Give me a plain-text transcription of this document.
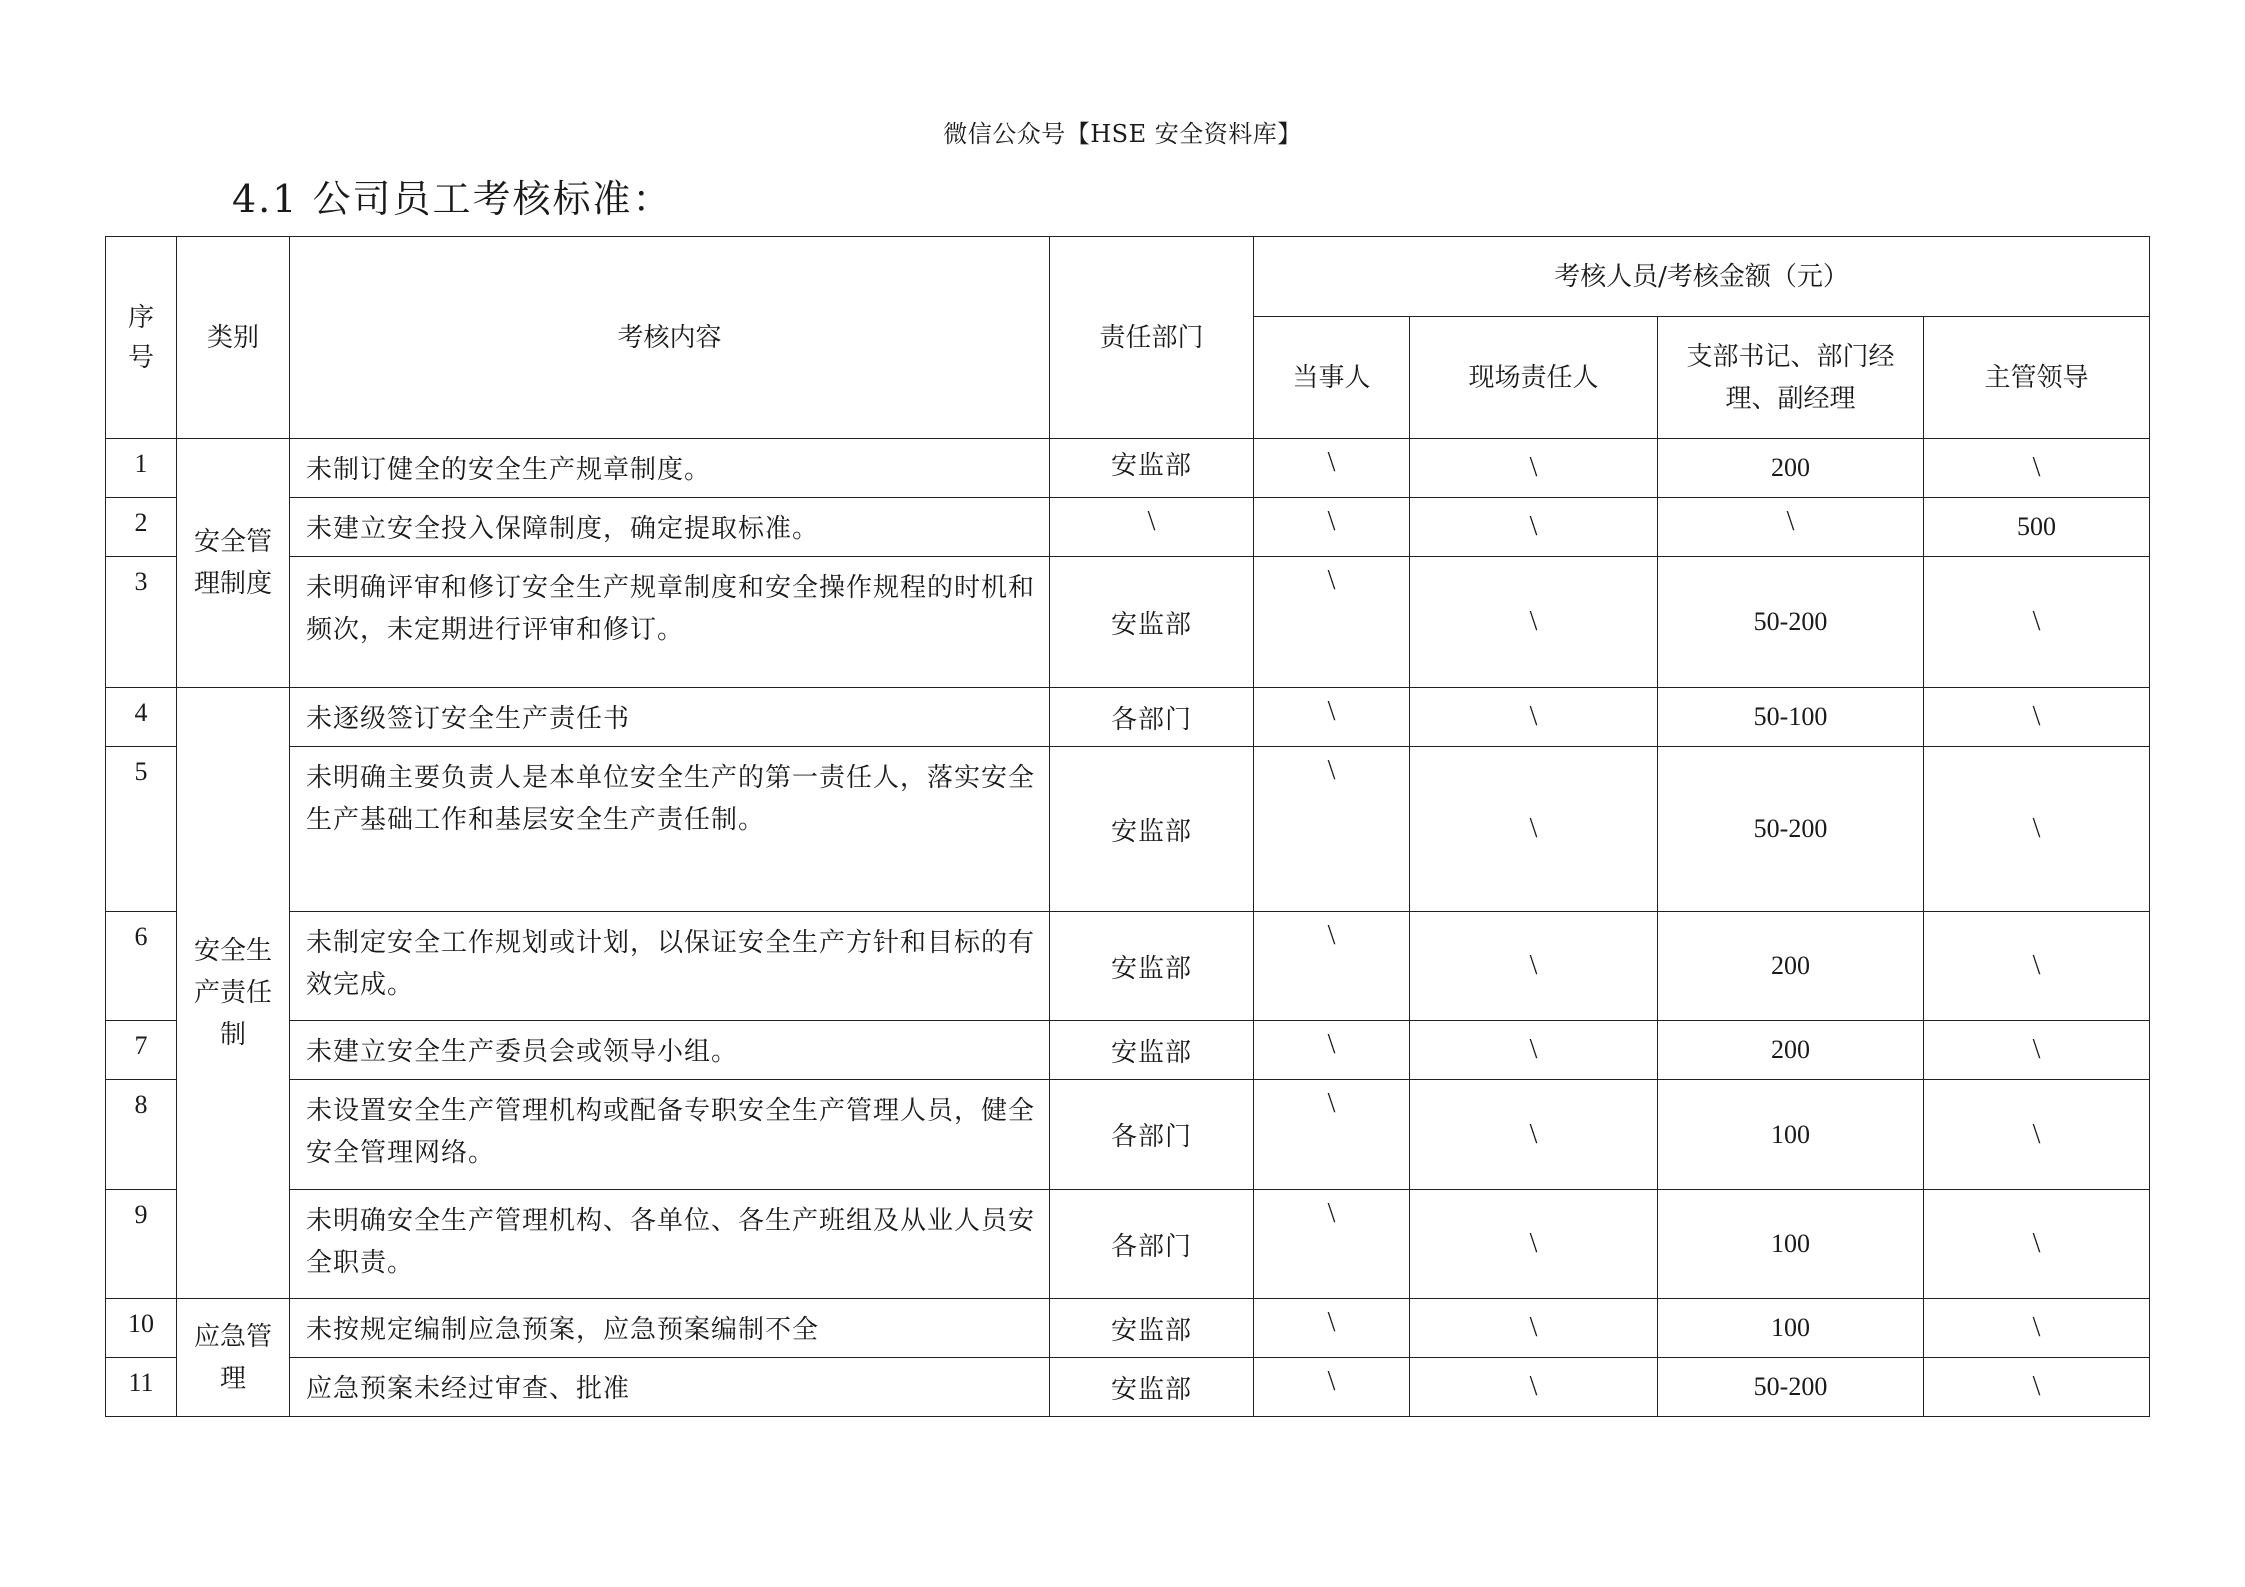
微信公众号【HSE 安全资料库】
4.1 公司员工考核标准：
序号	类别	考核内容	责任部门	考核人员/考核金额（元）			
				当事人	现场责任人	支部书记、部门经理、副经理	主管领导
1	安全管理制度	未制订健全的安全生产规章制度。	安监部	\	\	200	\
2		未建立安全投入保障制度，确定提取标准。	\	\	\	\	500
3		未明确评审和修订安全生产规章制度和安全操作规程的时机和频次，未定期进行评审和修订。	安监部	\	\	50-200	\
4	安全生产责任制	未逐级签订安全生产责任书	各部门	\	\	50-100	\
5		未明确主要负责人是本单位安全生产的第一责任人，落实安全生产基础工作和基层安全生产责任制。	安监部	\	\	50-200	\
6		未制定安全工作规划或计划，以保证安全生产方针和目标的有效完成。	安监部	\	\	200	\
7		未建立安全生产委员会或领导小组。	安监部	\	\	200	\
8		未设置安全生产管理机构或配备专职安全生产管理人员，健全安全管理网络。	各部门	\	\	100	\
9		未明确安全生产管理机构、各单位、各生产班组及从业人员安全职责。	各部门	\	\	100	\
10	应急管理	未按规定编制应急预案，应急预案编制不全	安监部	\	\	100	\
11		应急预案未经过审查、批准	安监部	\	\	50-200	\
